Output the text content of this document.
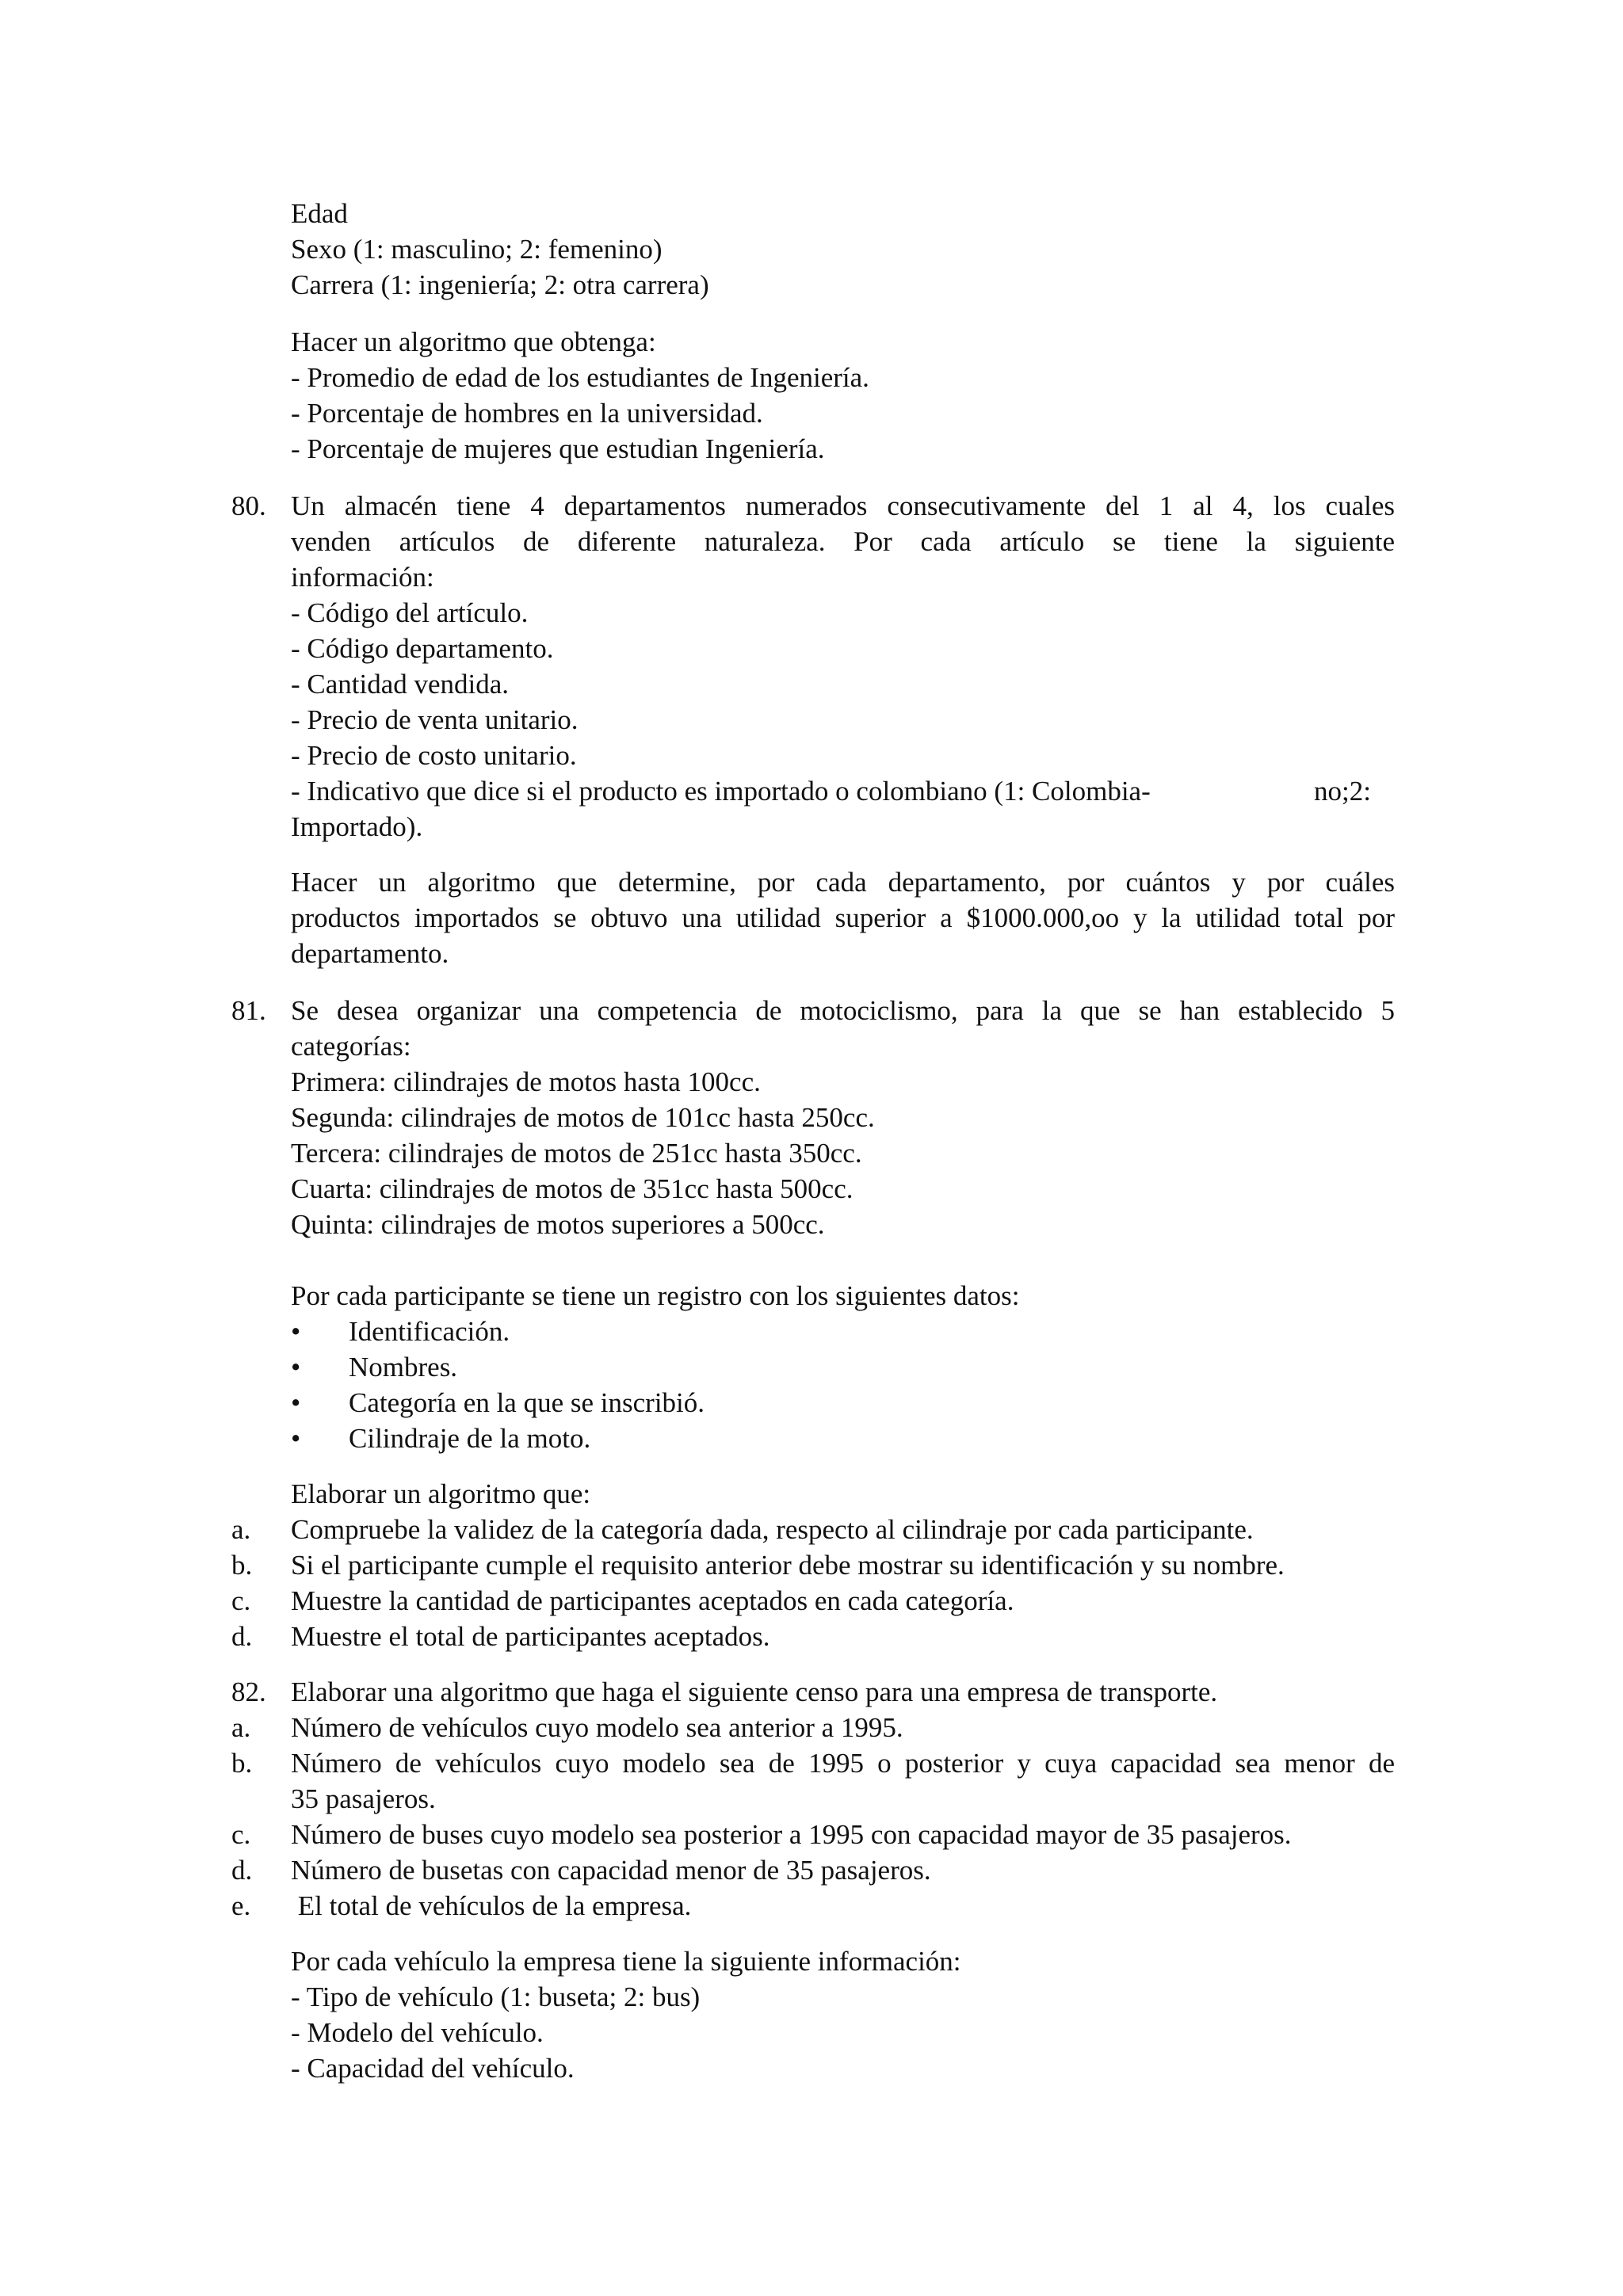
Edad
Sexo (1: masculino; 2: femenino)
Carrera (1: ingeniería; 2: otra carrera)
Hacer un algoritmo que obtenga:
- Promedio de edad de los estudiantes de Ingeniería.
- Porcentaje de hombres en la universidad.
- Porcentaje de mujeres que estudian Ingeniería.
80. Un almacén tiene 4 departamentos numerados consecutivamente del 1 al 4, los cuales
venden artículos de diferente naturaleza. Por cada artículo se tiene la siguiente
información:
- Código del artículo.
- Código departamento.
- Cantidad vendida.
- Precio de venta unitario.
- Precio de costo unitario.
- Indicativo que dice si el producto es importado o colombiano (1: Colombia-	no;2:
Importado).
Hacer un algoritmo que determine, por cada departamento, por cuántos y por cuáles
productos importados se obtuvo una utilidad superior a $1000.000,oo y la utilidad total por
departamento.
81. Se desea organizar una competencia de motociclismo, para la que se han establecido 5
categorías:
Primera: cilindrajes de motos hasta 100cc.
Segunda: cilindrajes de motos de 101cc hasta 250cc.
Tercera: cilindrajes de motos de 251cc hasta 350cc.
Cuarta: cilindrajes de motos de 351cc hasta 500cc.
Quinta: cilindrajes de motos superiores a 500cc.
Por cada participante se tiene un registro con los siguientes datos:
• Identificación.
• Nombres.
• Categoría en la que se inscribió.
• Cilindraje de la moto.
Elaborar un algoritmo que:
a. Compruebe la validez de la categoría dada, respecto al cilindraje por cada participante.
b. Si el participante cumple el requisito anterior debe mostrar su identificación y su nombre.
c. Muestre la cantidad de participantes aceptados en cada categoría.
d. Muestre el total de participantes aceptados.
82. Elaborar una algoritmo que haga el siguiente censo para una empresa de transporte.
a. Número de vehículos cuyo modelo sea anterior a 1995.
b. Número de vehículos cuyo modelo sea de 1995 o posterior y cuya capacidad sea menor de
35 pasajeros.
c. Número de buses cuyo modelo sea posterior a 1995 con capacidad mayor de 35 pasajeros.
d. Número de busetas con capacidad menor de 35 pasajeros.
e. El total de vehículos de la empresa.
Por cada vehículo la empresa tiene la siguiente información:
- Tipo de vehículo (1: buseta; 2: bus)
- Modelo del vehículo.
- Capacidad del vehículo.
